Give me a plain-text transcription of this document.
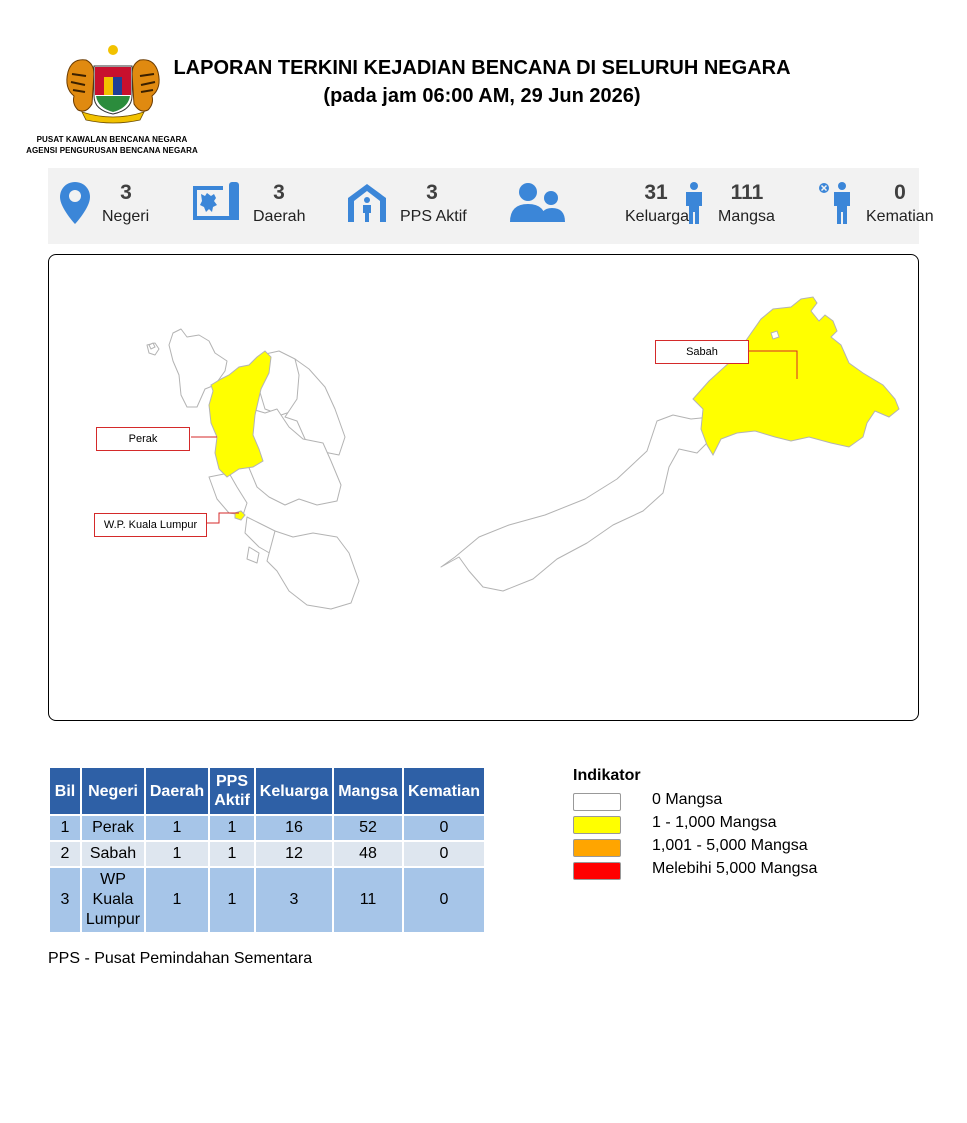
PUSAT KAWALAN BENCANA NEGARA
AGENSI PENGURUSAN BENCANA NEGARA
LAPORAN TERKINI KEJADIAN BENCANA DI SELURUH NEGARA
(pada jam 06:00 AM, 29 Jun 2026)
3
Negeri
3
Daerah
3
PPS Aktif
31
Keluarga
111
Mangsa
0
Kematian
Perak
W.P. Kuala Lumpur
Sabah
Bil	Negeri	Daerah	PPS Aktif	Keluarga	Mangsa	Kematian
1	Perak	1	1	16	52	0
2	Sabah	1	1	12	48	0
3	WP Kuala Lumpur	1	1	3	11	0
PPS - Pusat Pemindahan Sementara
Indikator
0 Mangsa
1 - 1,000 Mangsa
1,001 - 5,000 Mangsa
Melebihi 5,000 Mangsa
